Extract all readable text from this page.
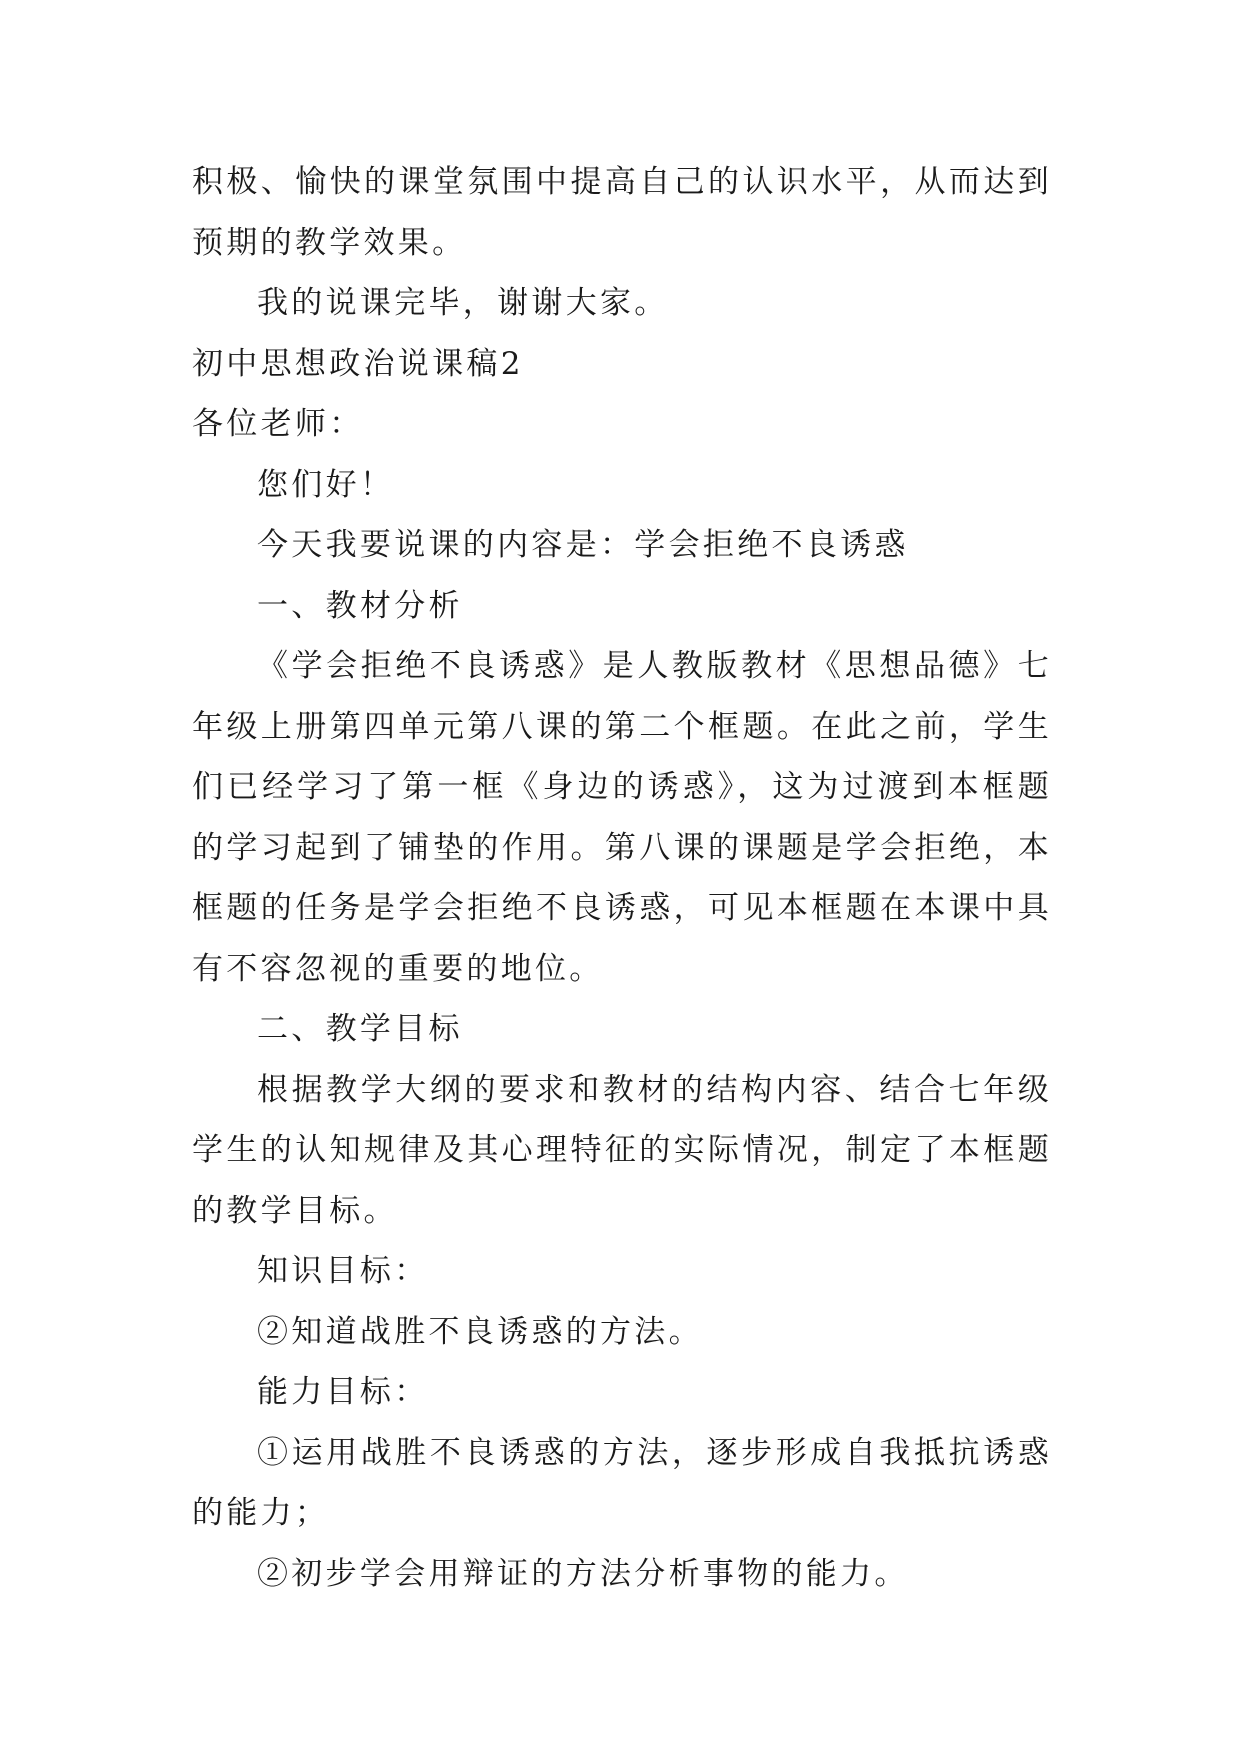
积极、愉快的课堂氛围中提高自己的认识水平，从而达到预期的教学效果。

我的说课完毕，谢谢大家。

初中思想政治说课稿2

各位老师：

您们好！

今天我要说课的内容是：学会拒绝不良诱惑

一、教材分析

《学会拒绝不良诱惑》是人教版教材《思想品德》七年级上册第四单元第八课的第二个框题。在此之前，学生们已经学习了第一框《身边的诱惑》，这为过渡到本框题的学习起到了铺垫的作用。第八课的课题是学会拒绝，本框题的任务是学会拒绝不良诱惑，可见本框题在本课中具有不容忽视的重要的地位。

二、教学目标

根据教学大纲的要求和教材的结构内容、结合七年级学生的认知规律及其心理特征的实际情况，制定了本框题的教学目标。

知识目标：

②知道战胜不良诱惑的方法。

能力目标：

①运用战胜不良诱惑的方法，逐步形成自我抵抗诱惑的能力；

②初步学会用辩证的方法分析事物的能力。
